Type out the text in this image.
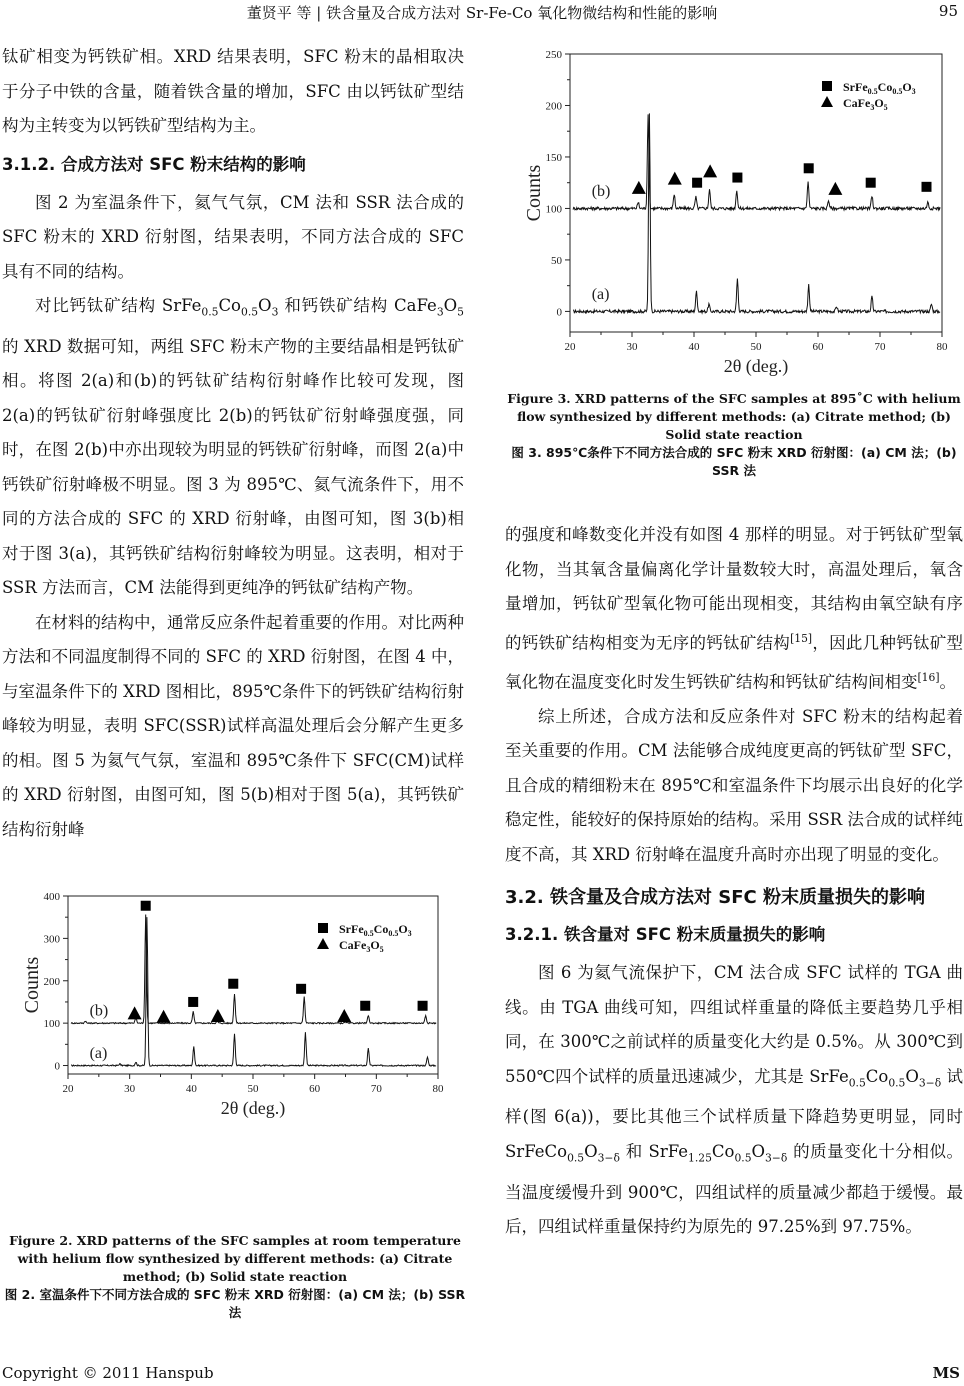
董贤平 等 | 铁含量及合成方法对 Sr-Fe-Co 氧化物微结构和性能的影响	95

钛矿相变为钙铁矿相。XRD 结果表明，SFC 粉末的晶相取决于分子中铁的含量，随着铁含量的增加，SFC 由以钙钛矿型结构为主转变为以钙铁矿型结构为主。

3.1.2. 合成方法对 SFC 粉末结构的影响

图 2 为室温条件下，氦气气氛，CM 法和 SSR 法合成的 SFC 粉末的 XRD 衍射图，结果表明，不同方法合成的 SFC 具有不同的结构。

对比钙钛矿结构 $SrFe_{0.5}Co_{0.5}O_3$ 和钙铁矿结构 $CaFe_3O_5$ 的 XRD 数据可知，两组 SFC 粉末产物的主要结晶相是钙钛矿相。将图 2(a)和(b)的钙钛矿结构衍射峰作比较可发现，图 2(a)的钙钛矿衍射峰强度比 2(b)的钙钛矿衍射峰强度强，同时，在图 2(b)中亦出现较为明显的钙铁矿衍射峰，而图 2(a)中钙铁矿衍射峰极不明显。图 3 为 895℃、氦气流条件下，用不同的方法合成的 SFC 的 XRD 衍射峰，由图可知，图 3(b)相对于图 3(a)，其钙铁矿结构衍射峰较为明显。这表明，相对于 SSR 方法而言，CM 法能得到更纯净的钙钛矿结构产物。

在材料的结构中，通常反应条件起着重要的作用。对比两种方法和不同温度制得不同的 SFC 的 XRD 衍射图，在图 4 中，与室温条件下的 XRD 图相比，895℃条件下的钙铁矿结构衍射峰较为明显，表明 SFC(SSR)试样高温处理后会分解产生更多的相。图 5 为氦气气氛，室温和 895℃条件下 SFC(CM)试样的 XRD 衍射图，由图可知，图 5(b)相对于图 5(a)，其钙铁矿结构衍射峰

20	30	40	50	60	70	80
0
100
200
300
400
2θ (deg.)
Counts
(a)
(b)
$SrFe_{0.5}Co_{0.5}O_3$
$CaFe_3O_5$
Figure 2. XRD patterns of the SFC samples at room temperature with helium flow synthesized by different methods: (a) Citrate method; (b) Solid state reaction
图 2. 室温条件下不同方法合成的 SFC 粉末 XRD 衍射图：(a) CM 法；(b) SSR 法
20	30	40	50	60	70	80
0
50
100
150
200
250
2θ (deg.)
Counts
(a)
(b)
$SrFe_{0.5}Co_{0.5}O_3$
$CaFe_3O_5$
Figure 3. XRD patterns of the SFC samples at 895˚C with helium flow synthesized by different methods: (a) Citrate method; (b) Solid state reaction
图 3. 895℃条件下不同方法合成的 SFC 粉末 XRD 衍射图：(a) CM 法；(b) SSR 法

的强度和峰数变化并没有如图 4 那样的明显。对于钙钛矿型氧化物，当其氧含量偏离化学计量数较大时，高温处理后，氧含量增加，钙钛矿型氧化物可能出现相变，其结构由氧空缺有序的钙铁矿结构相变为无序的钙钛矿结构[15]，因此几种钙钛矿型氧化物在温度变化时发生钙铁矿结构和钙钛矿结构间相变[16]。

综上所述，合成方法和反应条件对 SFC 粉末的结构起着至关重要的作用。CM 法能够合成纯度更高的钙钛矿型 SFC，且合成的精细粉末在 895℃和室温条件下均展示出良好的化学稳定性，能较好的保持原始的结构。采用 SSR 法合成的试样纯度不高，其 XRD 衍射峰在温度升高时亦出现了明显的变化。

3.2. 铁含量及合成方法对 SFC 粉末质量损失的影响
3.2.1. 铁含量对 SFC 粉末质量损失的影响

图 6 为氦气流保护下，CM 法合成 SFC 试样的 TGA 曲线。由 TGA 曲线可知，四组试样重量的降低主要趋势几乎相同，在 300℃之前试样的质量变化大约是 0.5%。从 300℃到 550℃四个试样的质量迅速减少，尤其是 $SrFe_{0.5}Co_{0.5}O_{3-\delta}$ 试样(图 6(a))，要比其他三个试样质量下降趋势更明显，同时 $SrFeCo_{0.5}O_{3-\delta}$ 和 $SrFe_{1.25}Co_{0.5}O_{3-\delta}$ 的质量变化十分相似。当温度缓慢升到 900℃，四组试样的质量减少都趋于缓慢。最后，四组试样重量保持约为原先的 97.25%到 97.75%。

Copyright © 2011 Hanspub	MS
